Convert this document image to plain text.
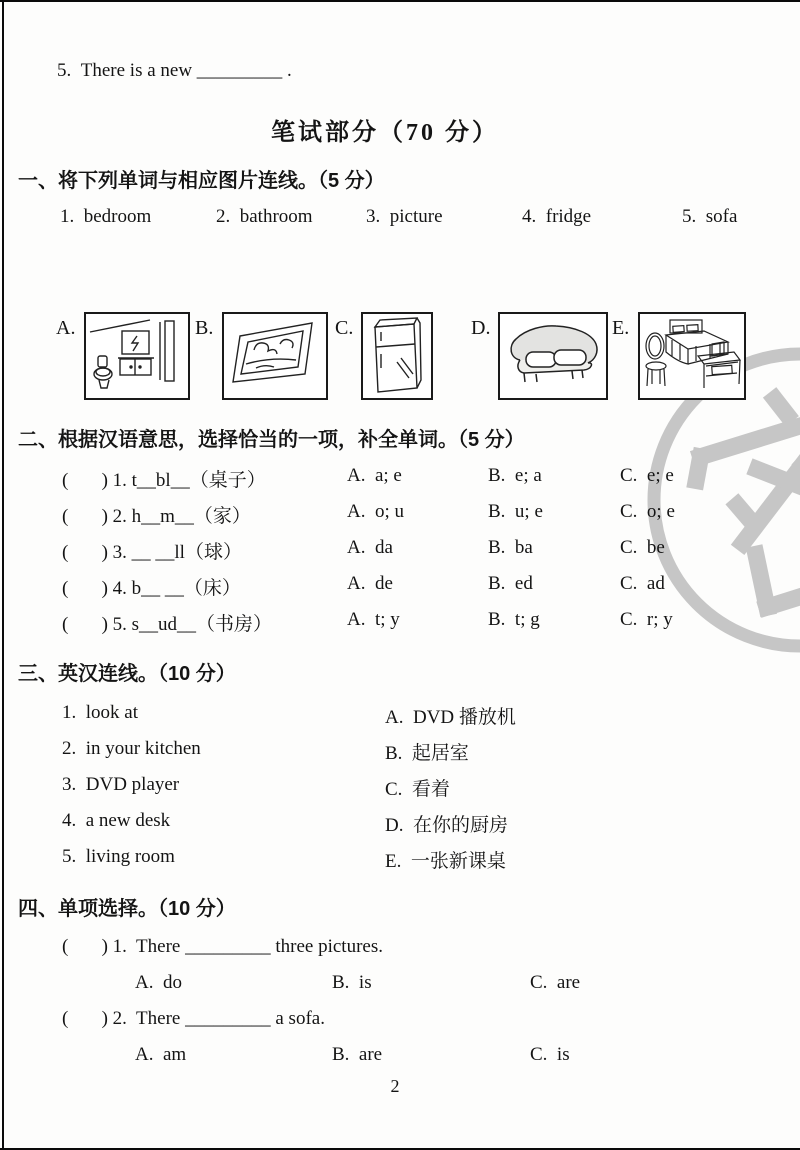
5.  There is a new _________ .
笔试部分（70 分）
一、将下列单词与相应图片连线。（5 分）
1.  bedroom	2.  bathroom	3.  picture	4.  fridge	5.  sofa
A.	B.	C.	D.	E.
二、根据汉语意思，选择恰当的一项，补全单词。（5 分）
(       ) 1. t__bl__（桌子）	A.  a; e	B.  e; a	C.  e; e
(       ) 2. h__m__（家）	A.  o; u	B.  u; e	C.  o; e
(       ) 3. __ __ll（球）	A.  da	B.  ba	C.  be
(       ) 4. b__ __（床）	A.  de	B.  ed	C.  ad
(       ) 5. s__ud__（书房）	A.  t; y	B.  t; g	C.  r; y
三、英汉连线。（10 分）
1.  look at
2.  in your kitchen
3.  DVD player
4.  a new desk
5.  living room
A.  DVD 播放机
B.  起居室
C.  看着
D.  在你的厨房
E.  一张新课桌
四、单项选择。（10 分）
(       ) 1.  There _________ three pictures.
A.  do	B.  is	C.  are
(       ) 2.  There _________ a sofa.
A.  am	B.  are	C.  is
2
